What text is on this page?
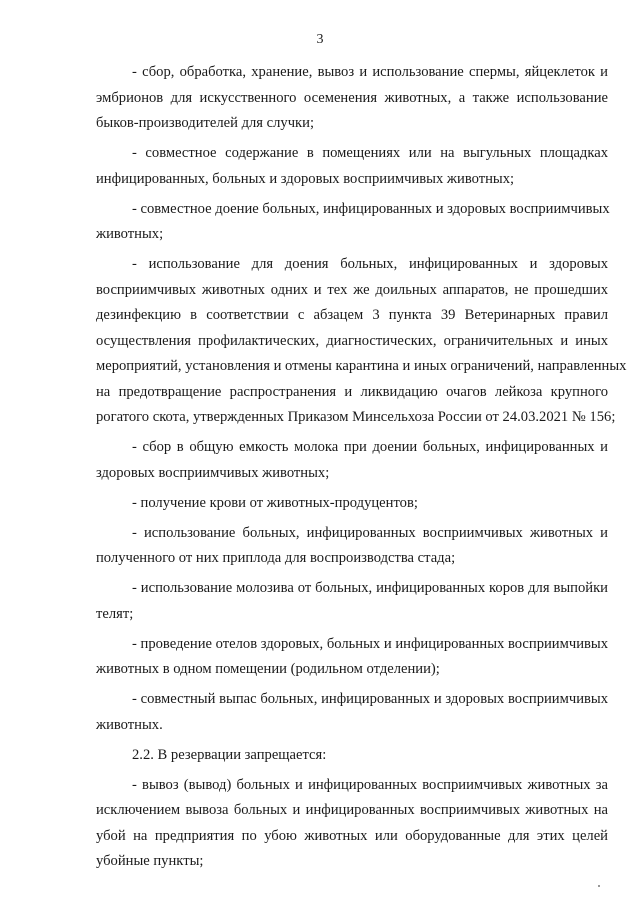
3

- сбор, обработка, хранение, вывоз и использование спермы, яйцеклеток и
эмбрионов для искусственного осеменения животных, а также использование
быков-производителей для случки;

- совместное содержание в помещениях или на выгульных площадках
инфицированных, больных и здоровых восприимчивых животных;

- совместное доение больных, инфицированных и здоровых восприимчивых
животных;

- использование для доения больных, инфицированных и здоровых
восприимчивых животных одних и тех же доильных аппаратов, не прошедших
дезинфекцию в соответствии с абзацем 3 пункта 39 Ветеринарных правил
осуществления профилактических, диагностических, ограничительных и иных
мероприятий, установления и отмены карантина и иных ограничений, направленных
на предотвращение распространения и ликвидацию очагов лейкоза крупного
рогатого скота, утвержденных Приказом Минсельхоза России от 24.03.2021 № 156;

- сбор в общую емкость молока при доении больных, инфицированных и
здоровых восприимчивых животных;

- получение крови от животных-продуцентов;

- использование больных, инфицированных восприимчивых животных и
полученного от них приплода для воспроизводства стада;

- использование молозива от больных, инфицированных коров для выпойки
телят;

- проведение отелов здоровых, больных и инфицированных восприимчивых
животных в одном помещении (родильном отделении);

- совместный выпас больных, инфицированных и здоровых восприимчивых
животных.

2.2. В резервации запрещается:

- вывоз (вывод) больных и инфицированных восприимчивых животных за
исключением вывоза больных и инфицированных восприимчивых животных на
убой на предприятия по убою животных или оборудованные для этих целей
убойные пункты;
